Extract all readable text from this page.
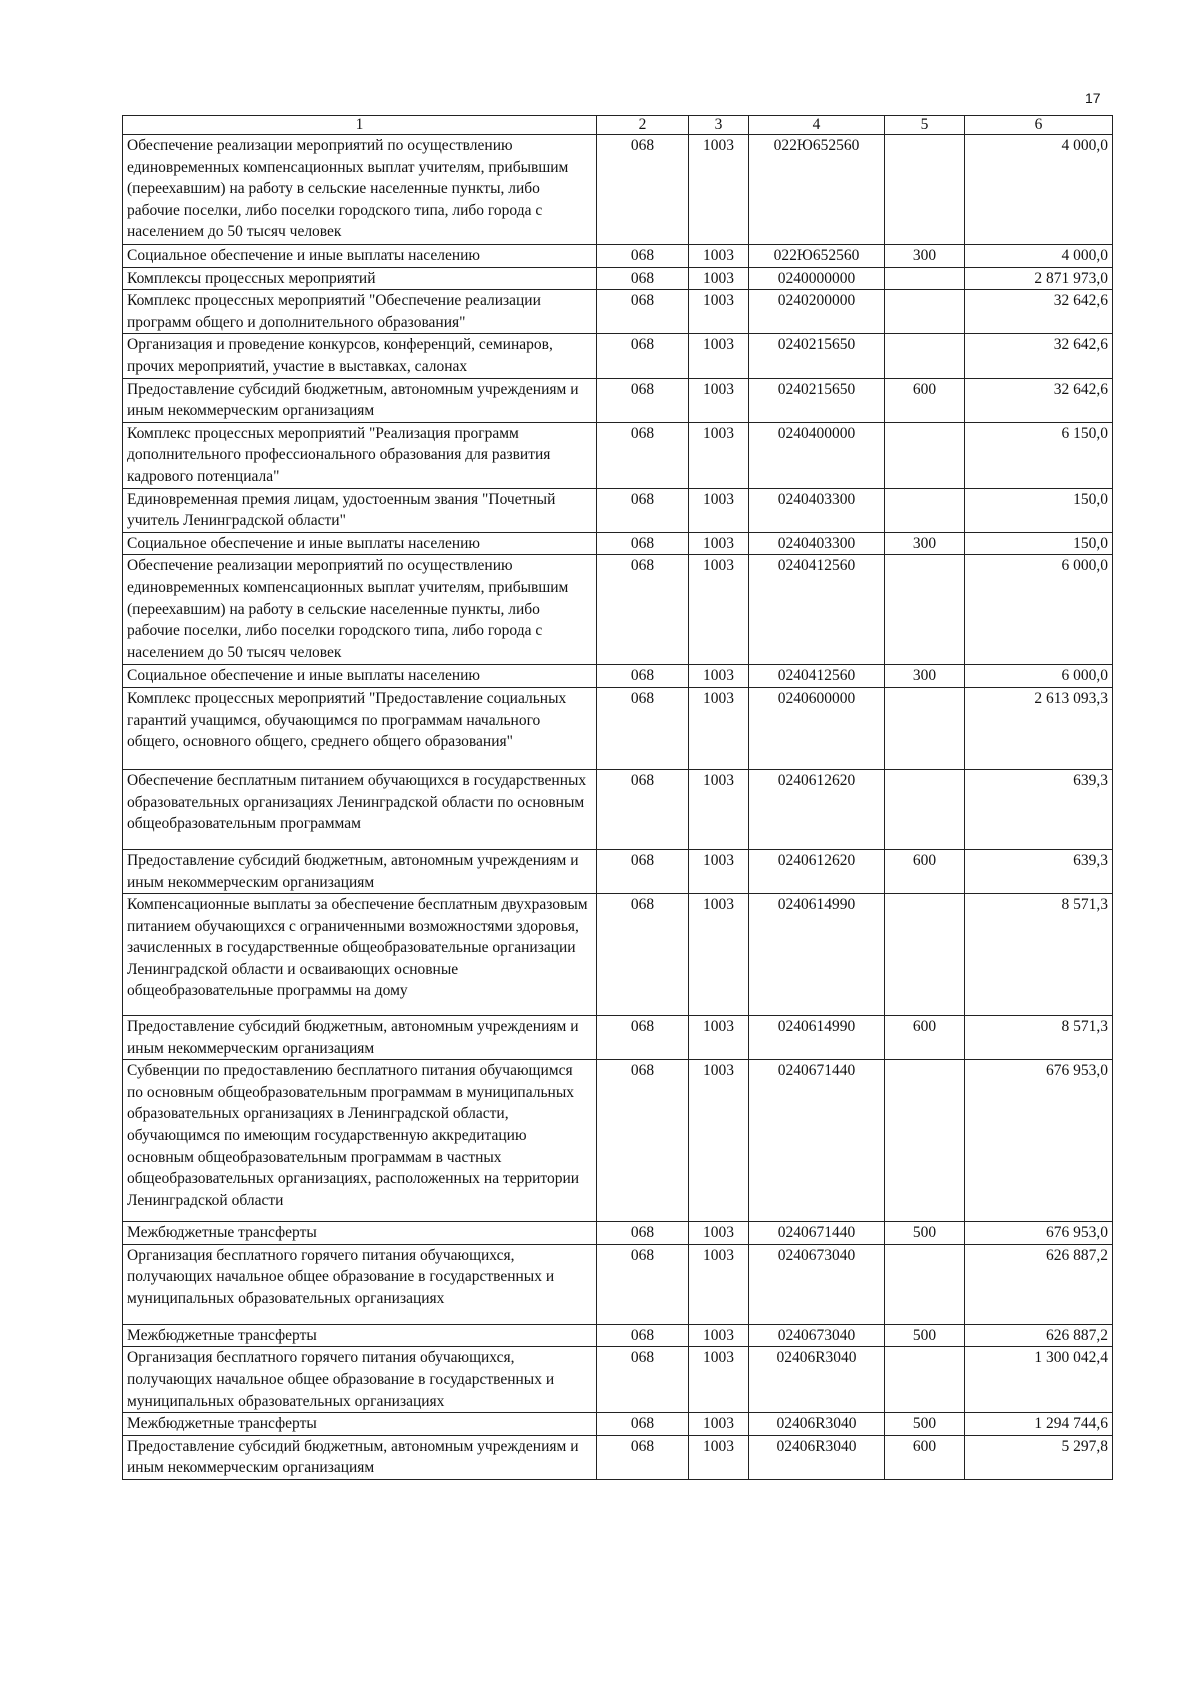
17
1	2	3	4	5	6
Обеспечение реализации мероприятий по осуществлению единовременных компенсационных выплат учителям, прибывшим (переехавшим) на работу в сельские населенные пункты, либо рабочие поселки, либо поселки городского типа, либо города с населением до 50 тысяч человек	068	1003	022Ю652560		4 000,0
Социальное обеспечение и иные выплаты населению	068	1003	022Ю652560	300	4 000,0
Комплексы процессных мероприятий	068	1003	0240000000		2 871 973,0
Комплекс процессных мероприятий "Обеспечение реализации программ общего и дополнительного образования"	068	1003	0240200000		32 642,6
Организация и проведение конкурсов, конференций, семинаров, прочих мероприятий, участие в выставках, салонах	068	1003	0240215650		32 642,6
Предоставление субсидий бюджетным, автономным учреждениям и иным некоммерческим организациям	068	1003	0240215650	600	32 642,6
Комплекс процессных мероприятий "Реализация программ дополнительного профессионального образования для развития кадрового потенциала"	068	1003	0240400000		6 150,0
Единовременная премия лицам, удостоенным звания "Почетный учитель Ленинградской области"	068	1003	0240403300		150,0
Социальное обеспечение и иные выплаты населению	068	1003	0240403300	300	150,0
Обеспечение реализации мероприятий по осуществлению единовременных компенсационных выплат учителям, прибывшим (переехавшим) на работу в сельские населенные пункты, либо рабочие поселки, либо поселки городского типа, либо города с населением до 50 тысяч человек	068	1003	0240412560		6 000,0
Социальное обеспечение и иные выплаты населению	068	1003	0240412560	300	6 000,0
Комплекс процессных мероприятий "Предоставление социальных гарантий учащимся, обучающимся по программам начального общего, основного общего, среднего общего образования"	068	1003	0240600000		2 613 093,3
Обеспечение бесплатным питанием обучающихся в государственных образовательных организациях Ленинградской области по основным общеобразовательным программам	068	1003	0240612620		639,3
Предоставление субсидий бюджетным, автономным учреждениям и иным некоммерческим организациям	068	1003	0240612620	600	639,3
Компенсационные выплаты за обеспечение бесплатным двухразовым питанием обучающихся с ограниченными возможностями здоровья, зачисленных в государственные общеобразовательные организации Ленинградской области и осваивающих основные общеобразовательные программы на дому	068	1003	0240614990		8 571,3
Предоставление субсидий бюджетным, автономным учреждениям и иным некоммерческим организациям	068	1003	0240614990	600	8 571,3
Субвенции по предоставлению бесплатного питания обучающимся по основным общеобразовательным программам в муниципальных образовательных организациях в Ленинградской области, обучающимся по имеющим государственную аккредитацию основным общеобразовательным программам в частных общеобразовательных организациях, расположенных на территории Ленинградской области	068	1003	0240671440		676 953,0
Межбюджетные трансферты	068	1003	0240671440	500	676 953,0
Организация бесплатного горячего питания обучающихся, получающих начальное общее образование в государственных и муниципальных образовательных организациях	068	1003	0240673040		626 887,2
Межбюджетные трансферты	068	1003	0240673040	500	626 887,2
Организация бесплатного горячего питания обучающихся, получающих начальное общее образование в государственных и муниципальных образовательных организациях	068	1003	02406R3040		1 300 042,4
Межбюджетные трансферты	068	1003	02406R3040	500	1 294 744,6
Предоставление субсидий бюджетным, автономным учреждениям и иным некоммерческим организациям	068	1003	02406R3040	600	5 297,8
